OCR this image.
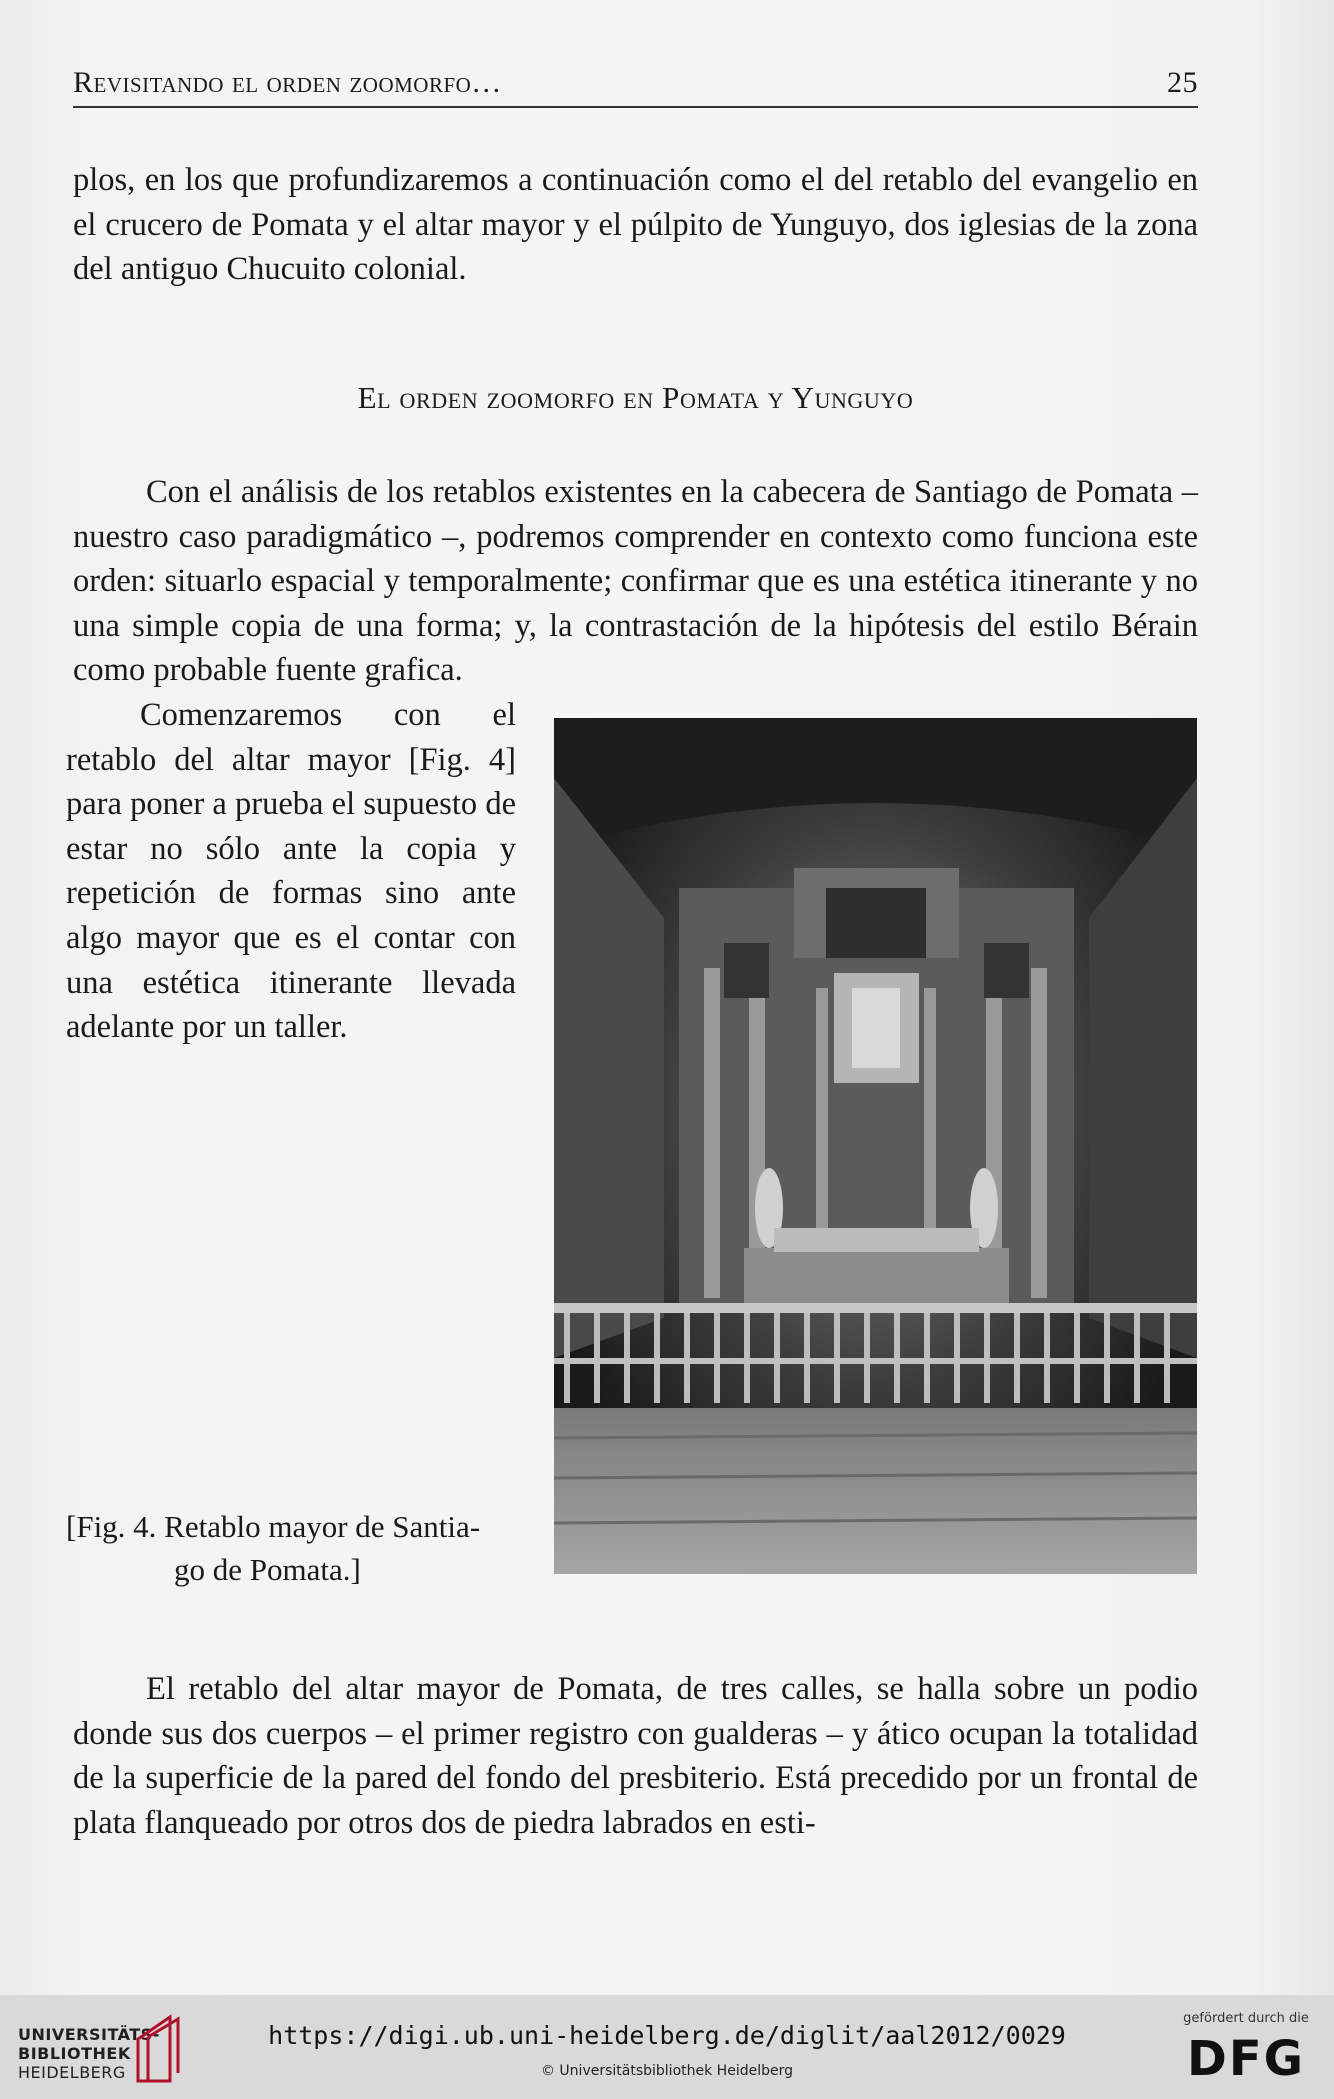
Revisitando el orden zoomorfo…	25

plos, en los que profundizaremos a continuación como el del retablo del evangelio en el crucero de Pomata y el altar mayor y el púlpito de Yunguyo, dos iglesias de la zona del antiguo Chucuito colonial.

El orden zoomorfo en Pomata y Yunguyo

Con el análisis de los retablos existentes en la cabecera de Santiago de Pomata – nuestro caso paradigmático –, podremos comprender en contexto como funciona este orden: situarlo espacial y temporalmente; confirmar que es una estética itinerante y no una simple copia de una forma; y, la contrastación de la hipótesis del estilo Bérain como probable fuente grafica.

Comenzaremos con el retablo del altar mayor [Fig. 4] para poner a prueba el supuesto de estar no sólo ante la copia y repetición de formas sino ante algo mayor que es el contar con una estética itinerante llevada adelante por un taller.

[Fig. 4. Retablo mayor de Santia-
go de Pomata.]

El retablo del altar mayor de Pomata, de tres calles, se halla sobre un podio donde sus dos cuerpos – el primer registro con gualderas – y ático ocupan la totalidad de la superficie de la pared del fondo del presbiterio. Está precedido por un frontal de plata flanqueado por otros dos de piedra labrados en esti-

UNIVERSITÄTS-
BIBLIOTHEK
HEIDELBERG
https://digi.ub.uni-heidelberg.de/diglit/aal2012/0029
© Universitätsbibliothek Heidelberg
gefördert durch die
DFG
